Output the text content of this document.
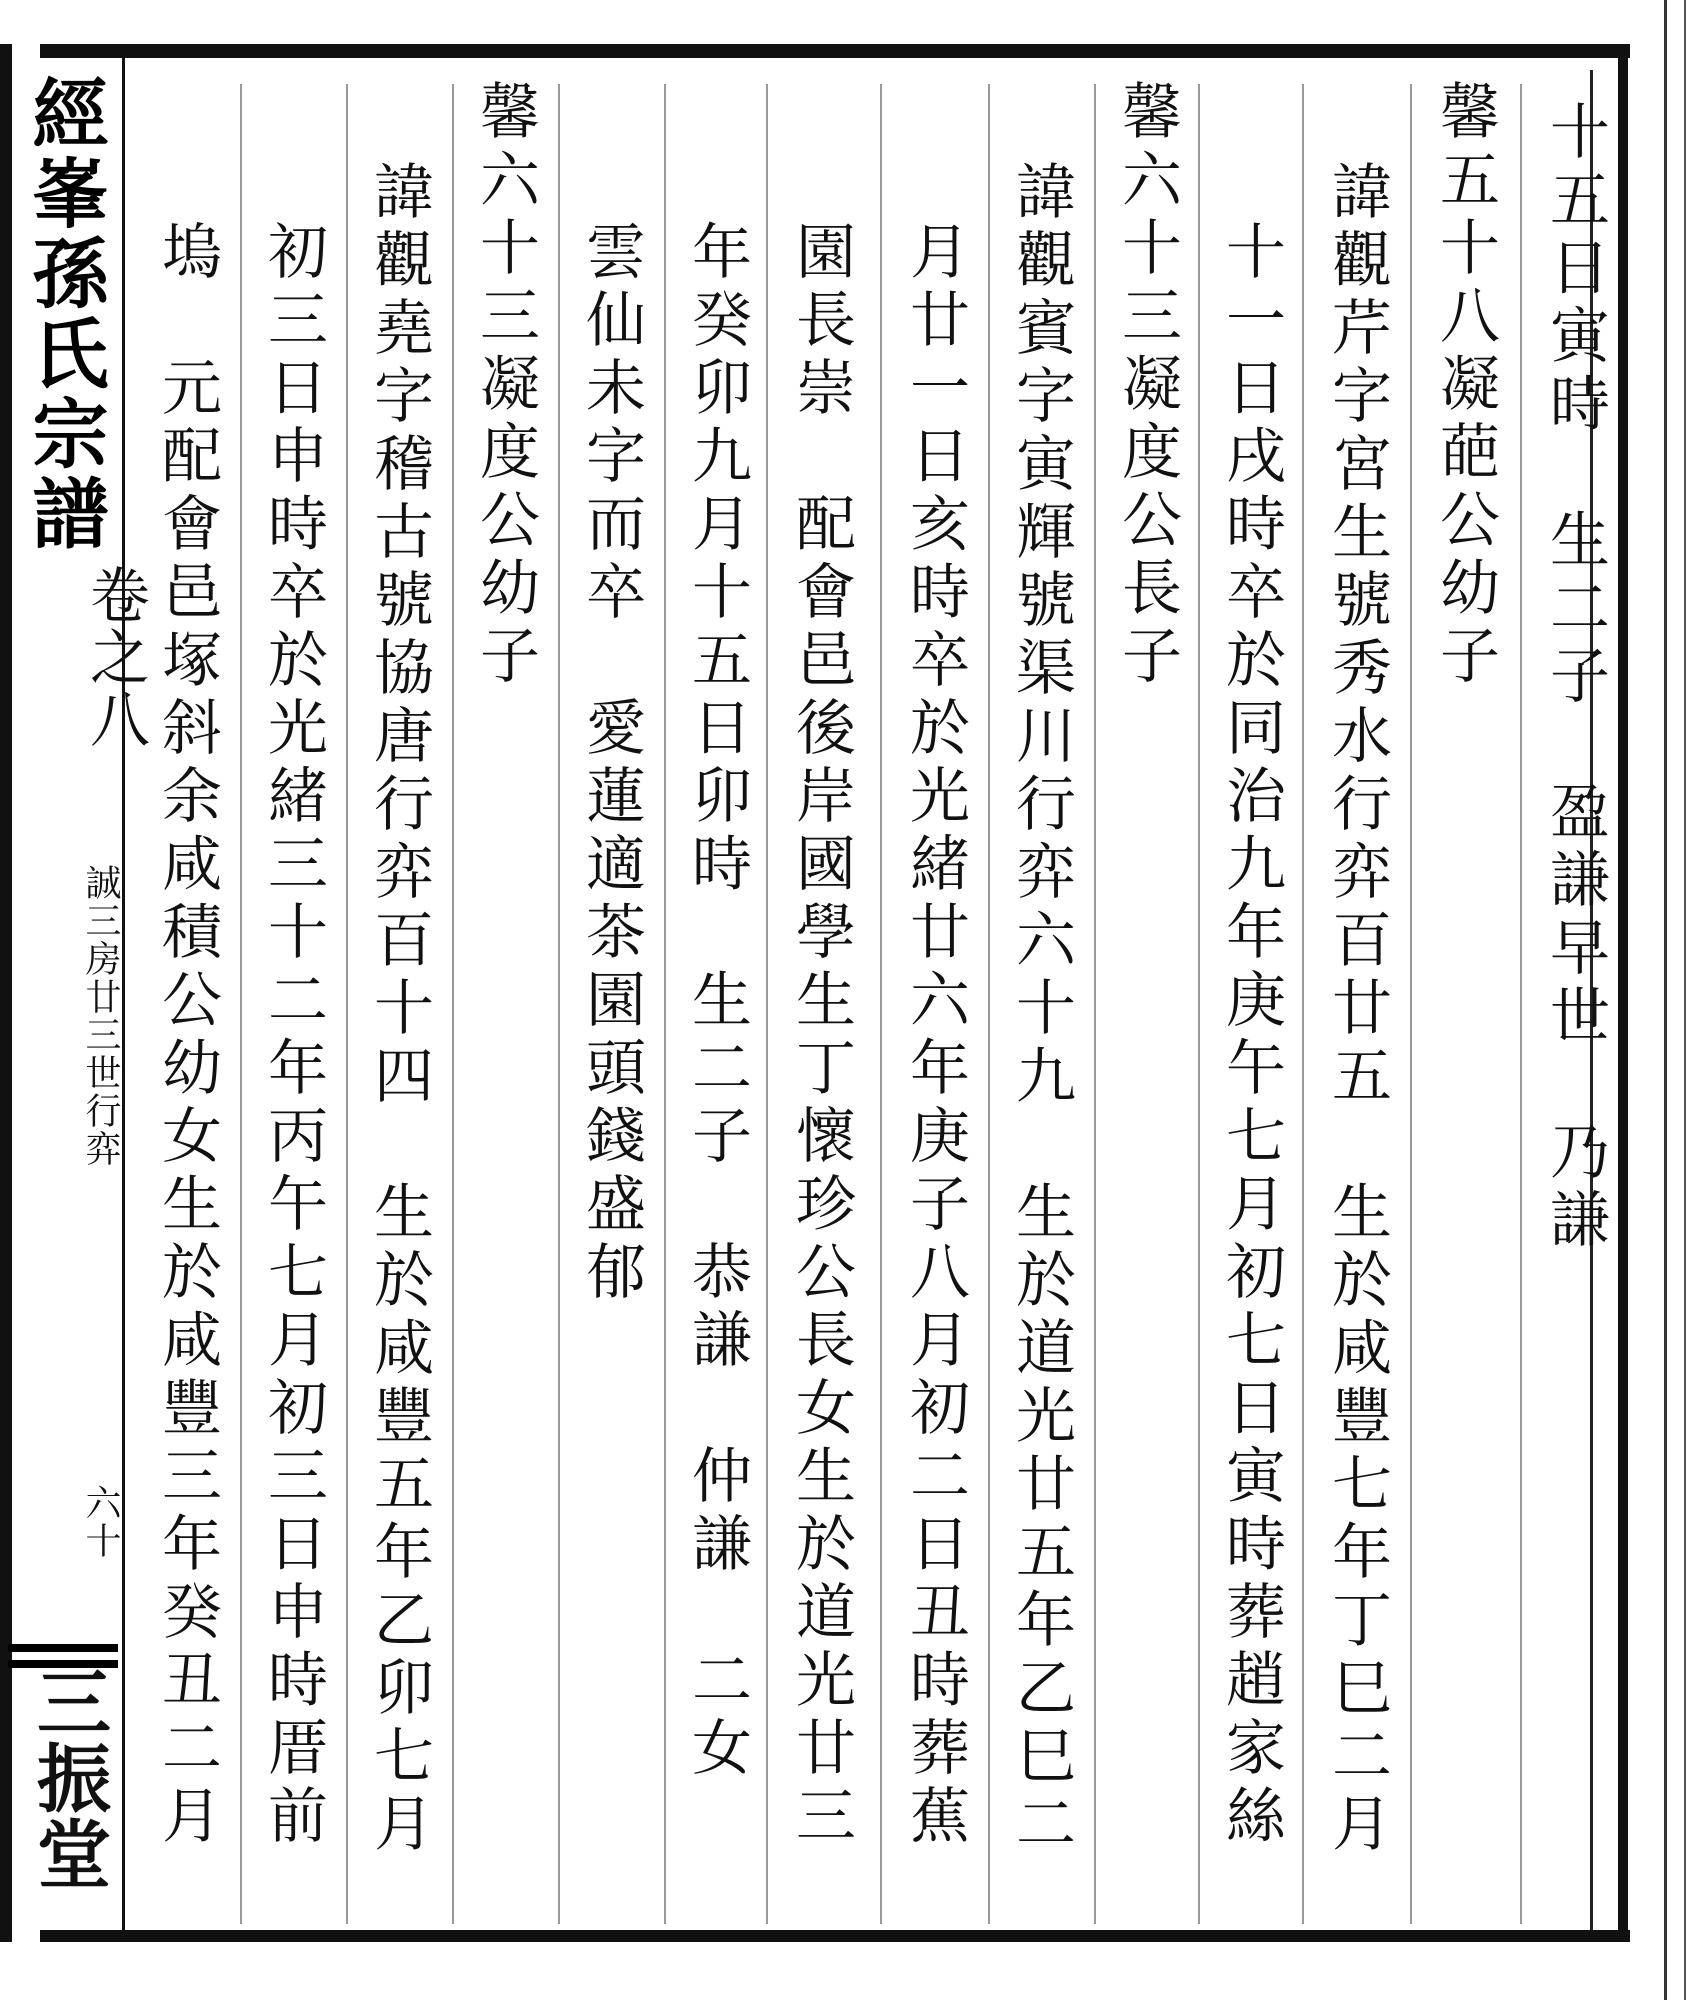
經峯孫氏宗譜
卷之八
誠三房廿三世行弈
六十
三振堂
十五日寅時　生二子　盈謙早世　乃謙
馨五十八凝葩公幼子
諱觀芹字宮生號秀水行弈百廿五　生於咸豐七年丁巳二月
十一日戌時卒於同治九年庚午七月初七日寅時葬趙家絲
馨六十三凝度公長子
諱觀賓字寅輝號渠川行弈六十九　生於道光廿五年乙巳二
月廿一日亥時卒於光緒廿六年庚子八月初二日丑時葬蕉
園長崇　配會邑後岸國學生丁懷珍公長女生於道光廿三
年癸卯九月十五日卯時　生二子　恭謙　仲謙　二女
雲仙未字而卒　愛蓮適茶園頭錢盛郁
馨六十三凝度公幼子
諱觀堯字稽古號協唐行弈百十四　生於咸豐五年乙卯七月
初三日申時卒於光緒三十二年丙午七月初三日申時厝前
塢　元配會邑塚斜余咸積公幼女生於咸豐三年癸丑二月
